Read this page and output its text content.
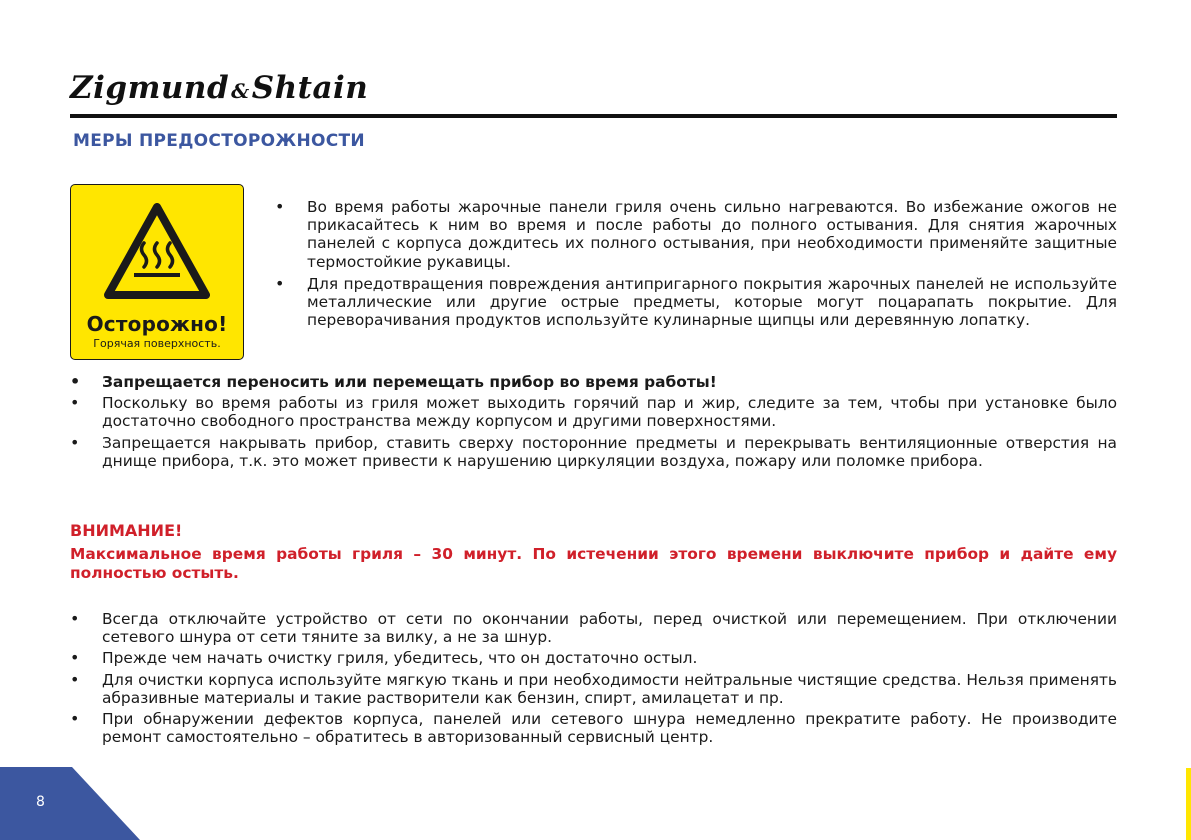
Zigmund &Shtain
МЕРЫ ПРЕДОСТОРОЖНОСТИ
Осторожно!
Горячая поверхность.
• Во время работы жарочные панели гриля очень сильно нагреваются. Во избежание ожогов не прикасайтесь к ним во время и после работы до полного остывания. Для снятия жарочных панелей с корпуса дождитесь их полного остывания, при необходимости применяйте защитные термостойкие рукавицы.
• Для предотвращения повреждения антипригарного покрытия жарочных панелей не используйте металлические или другие острые предметы, которые могут поцарапать покрытие. Для переворачивания продуктов используйте кулинарные щипцы или деревянную лопатку.
• Запрещается переносить или перемещать прибор во время работы!
• Поскольку во время работы из гриля может выходить горячий пар и жир, следите за тем, чтобы при установке было достаточно свободного пространства между корпусом и другими поверхностями.
• Запрещается накрывать прибор, ставить сверху посторонние предметы и перекрывать вентиляционные отверстия на днище прибора, т.к. это может привести к нарушению циркуляции воздуха, пожару или поломке прибора.
ВНИМАНИЕ!
Максимальное время работы гриля – 30 минут. По истечении этого времени выключите прибор и дайте ему полностью остыть.
• Всегда отключайте устройство от сети по окончании работы, перед очисткой или перемещением. При отключении сетевого шнура от сети тяните за вилку, а не за шнур.
• Прежде чем начать очистку гриля, убедитесь, что он достаточно остыл.
• Для очистки корпуса используйте мягкую ткань и при необходимости нейтральные чистящие средства. Нельзя применять абразивные материалы и такие растворители как бензин, спирт, амилацетат и пр.
• При обнаружении дефектов корпуса, панелей или сетевого шнура немедленно прекратите работу. Не производите ремонт самостоятельно – обратитесь в авторизованный сервисный центр.
8
